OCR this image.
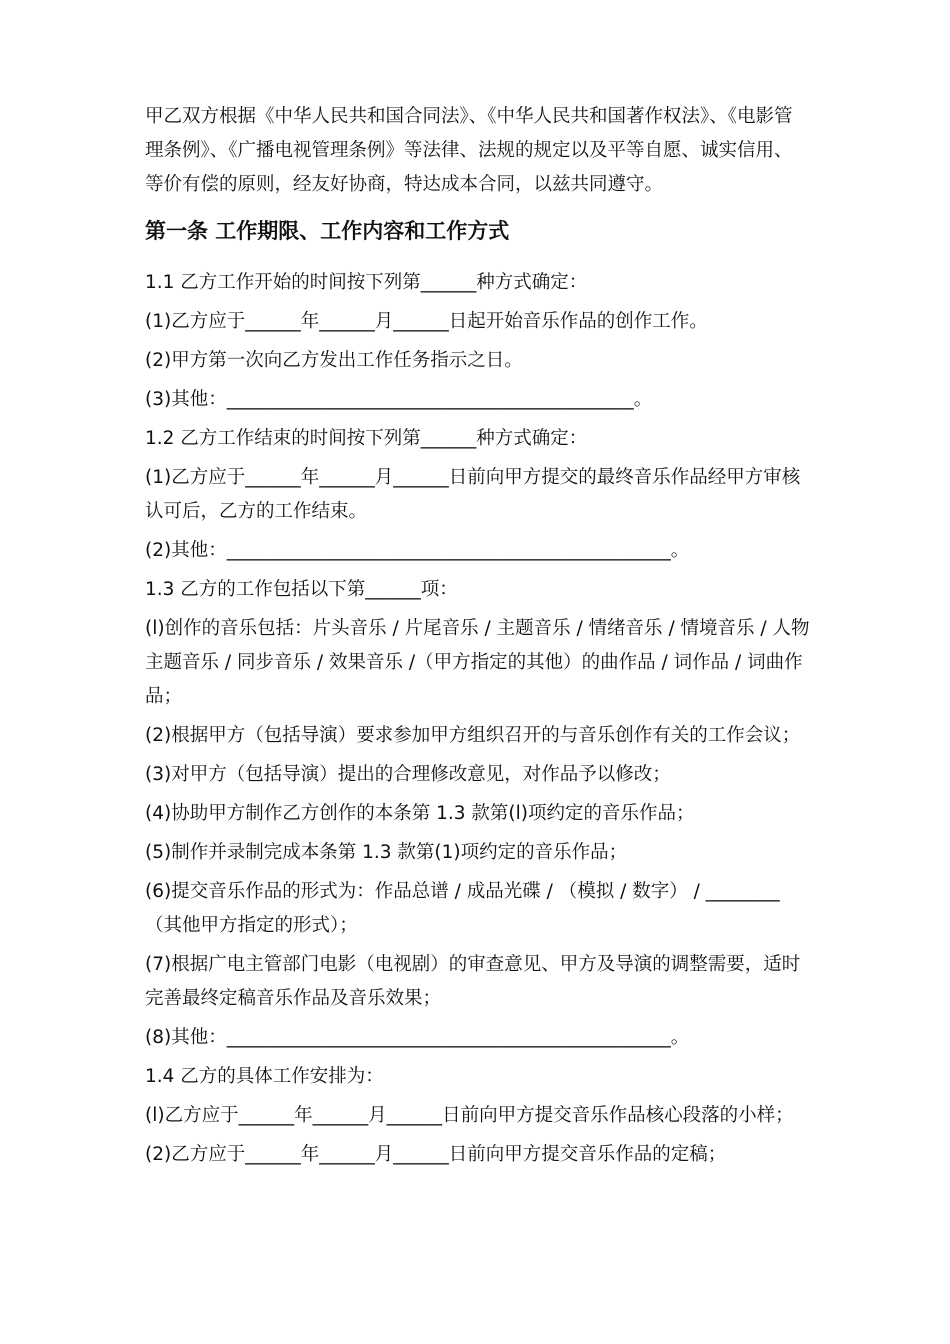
甲乙双方根据《中华人民共和国合同法》、《中华人民共和国著作权法》、《电影管理条例》、《广播电视管理条例》等法律、法规的规定以及平等自愿、诚实信用、等价有偿的原则，经友好协商，特达成本合同，以兹共同遵守。

第一条 工作期限、工作内容和工作方式

1.1 乙方工作开始的时间按下列第______种方式确定：

(1)乙方应于______年______月______日起开始音乐作品的创作工作。

(2)甲方第一次向乙方发出工作任务指示之日。

(3)其他：____________________________________________。

1.2 乙方工作结束的时间按下列第______种方式确定：

(1)乙方应于______年______月______日前向甲方提交的最终音乐作品经甲方审核认可后，乙方的工作结束。

(2)其他：________________________________________________。

1.3 乙方的工作包括以下第______项：

(l)创作的音乐包括：片头音乐 / 片尾音乐 / 主题音乐 / 情绪音乐 / 情境音乐 / 人物主题音乐 / 同步音乐 / 效果音乐 /（甲方指定的其他）的曲作品 / 词作品 / 词曲作品；

(2)根据甲方（包括导演）要求参加甲方组织召开的与音乐创作有关的工作会议；

(3)对甲方（包括导演）提出的合理修改意见，对作品予以修改；

(4)协助甲方制作乙方创作的本条第 1.3 款第(l)项约定的音乐作品；

(5)制作并录制完成本条第 1.3 款第(1)项约定的音乐作品；

(6)提交音乐作品的形式为：作品总谱 / 成品光碟 / （模拟 / 数字） / ________（其他甲方指定的形式）；

(7)根据广电主管部门电影（电视剧）的审查意见、甲方及导演的调整需要，适时完善最终定稿音乐作品及音乐效果；

(8)其他：________________________________________________。

1.4 乙方的具体工作安排为：

(l)乙方应于______年______月______日前向甲方提交音乐作品核心段落的小样；

(2)乙方应于______年______月______日前向甲方提交音乐作品的定稿；
